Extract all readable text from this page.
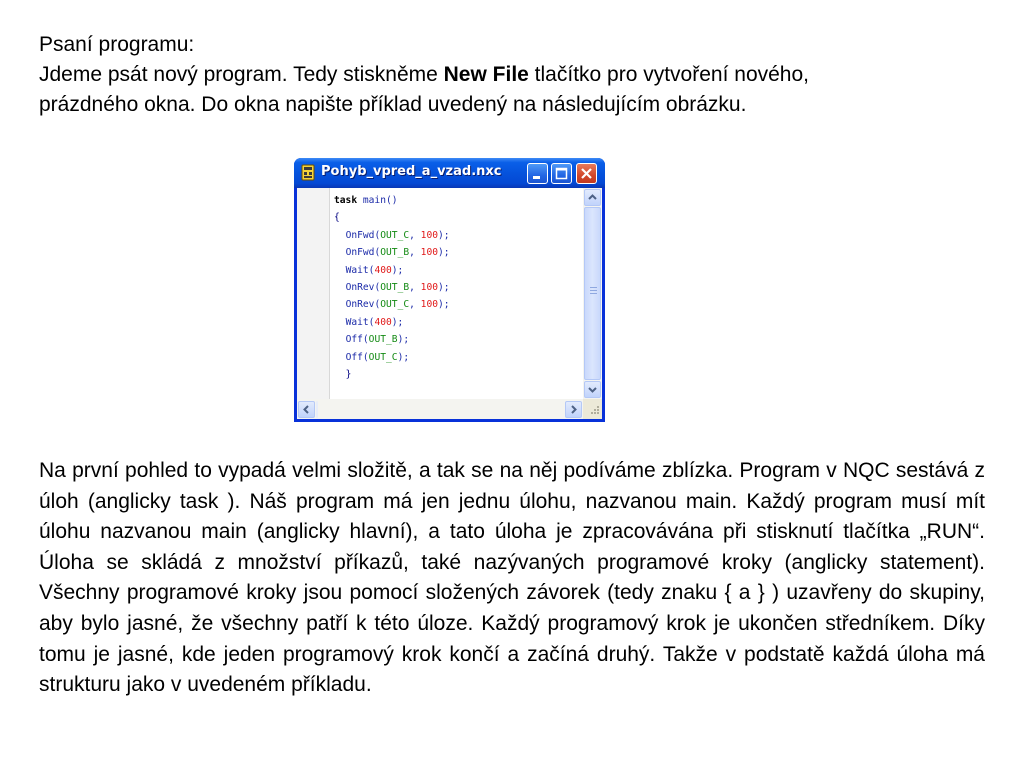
Psaní programu:

Jdeme psát nový program. Tedy stiskněme New File tlačítko pro vytvoření nového,

prázdného okna. Do okna napište příklad uvedený na následujícím obrázku.

Pohyb_vpred_a_vzad.nxc
task main()
{
OnFwd(OUT_C, 100);
OnFwd(OUT_B, 100);
Wait(400);
OnRev(OUT_B, 100);
OnRev(OUT_C, 100);
Wait(400);
Off(OUT_B);
Off(OUT_C);
}

Na první pohled to vypadá velmi složitě, a tak se na něj podíváme zblízka. Program v NQC sestává z úloh (anglicky task ). Náš program má jen jednu úlohu, nazvanou main. Každý program musí mít úlohu nazvanou main (anglicky hlavní), a tato úloha je zpracovávána při stisknutí tlačítka „RUN“. Úloha se skládá z množství příkazů, také nazývaných programové kroky (anglicky statement). Všechny programové kroky jsou pomocí složených závorek (tedy znaku { a } ) uzavřeny do skupiny, aby bylo jasné, že všechny patří k této úloze. Každý programový krok je ukončen středníkem. Díky tomu je jasné, kde jeden programový krok končí a začíná druhý. Takže v podstatě každá úloha má strukturu jako v uvedeném příkladu.
